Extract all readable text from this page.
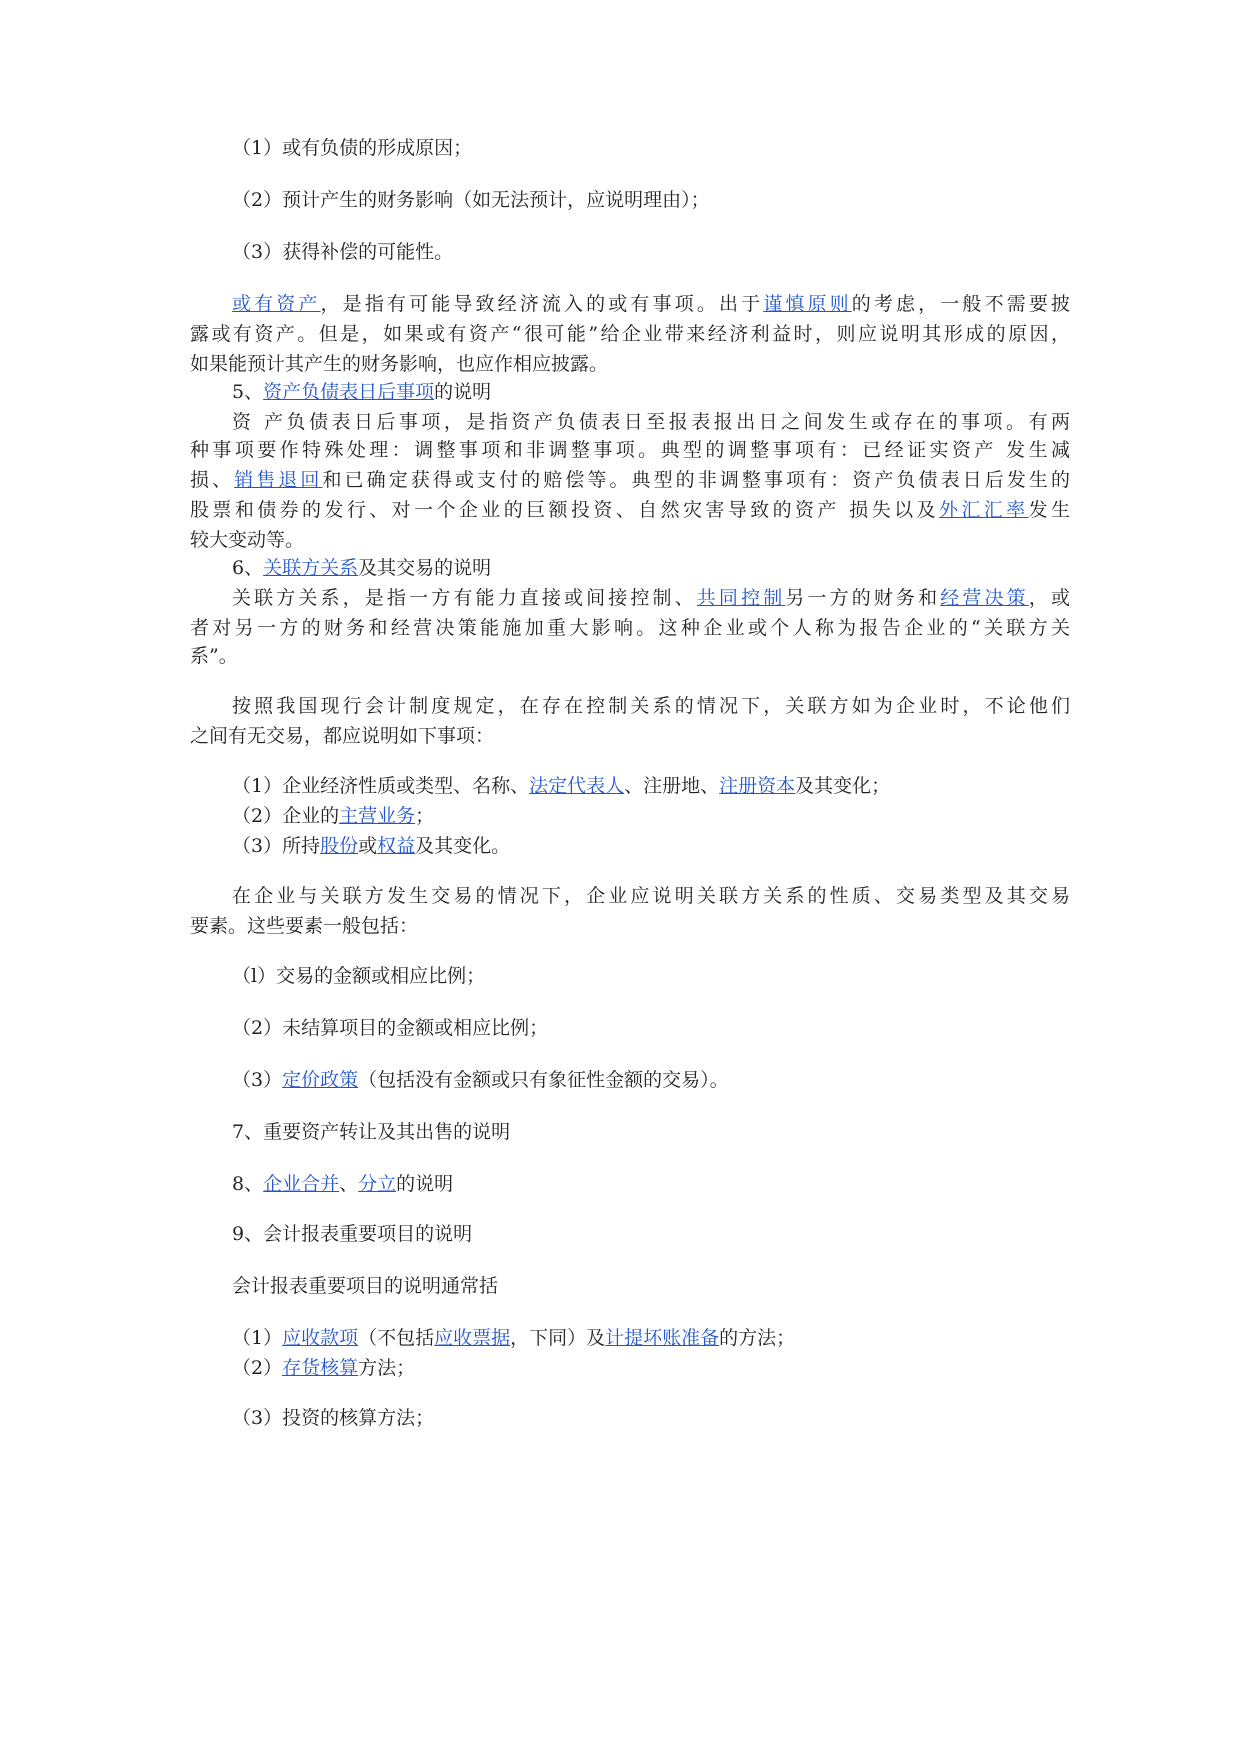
（1）或有负债的形成原因；
（2）预计产生的财务影响（如无法预计，应说明理由）；
（3）获得补偿的可能性。
或有资产，是指有可能导致经济流入的或有事项。出于谨慎原则的考虑，一般不需要披
露或有资产。但是，如果或有资产“很可能”给企业带来经济利益时，则应说明其形成的原因，
如果能预计其产生的财务影响，也应作相应披露。
5、资产负债表日后事项的说明
资 产负债表日后事项，是指资产负债表日至报表报出日之间发生或存在的事项。有两
种事项要作特殊处理：调整事项和非调整事项。典型的调整事项有：已经证实资产 发生减
损、销售退回和已确定获得或支付的赔偿等。典型的非调整事项有：资产负债表日后发生的
股票和债券的发行、对一个企业的巨额投资、自然灾害导致的资产 损失以及外汇汇率发生
较大变动等。
6、关联方关系及其交易的说明
关联方关系，是指一方有能力直接或间接控制、共同控制另一方的财务和经营决策，或
者对另一方的财务和经营决策能施加重大影响。这种企业或个人称为报告企业的“关联方关
系”。
按照我国现行会计制度规定，在存在控制关系的情况下，关联方如为企业时，不论他们
之间有无交易，都应说明如下事项：
（1）企业经济性质或类型、名称、法定代表人、注册地、注册资本及其变化；
（2）企业的主营业务；
（3）所持股份或权益及其变化。
在企业与关联方发生交易的情况下，企业应说明关联方关系的性质、交易类型及其交易
要素。这些要素一般包括：
（l）交易的金额或相应比例；
（2）未结算项目的金额或相应比例；
（3）定价政策（包括没有金额或只有象征性金额的交易）。
7、重要资产转让及其出售的说明
8、企业合并、分立的说明
9、会计报表重要项目的说明
会计报表重要项目的说明通常括
（1）应收款项（不包括应收票据，下同）及计提坏账准备的方法；
（2）存货核算方法；
（3）投资的核算方法；
